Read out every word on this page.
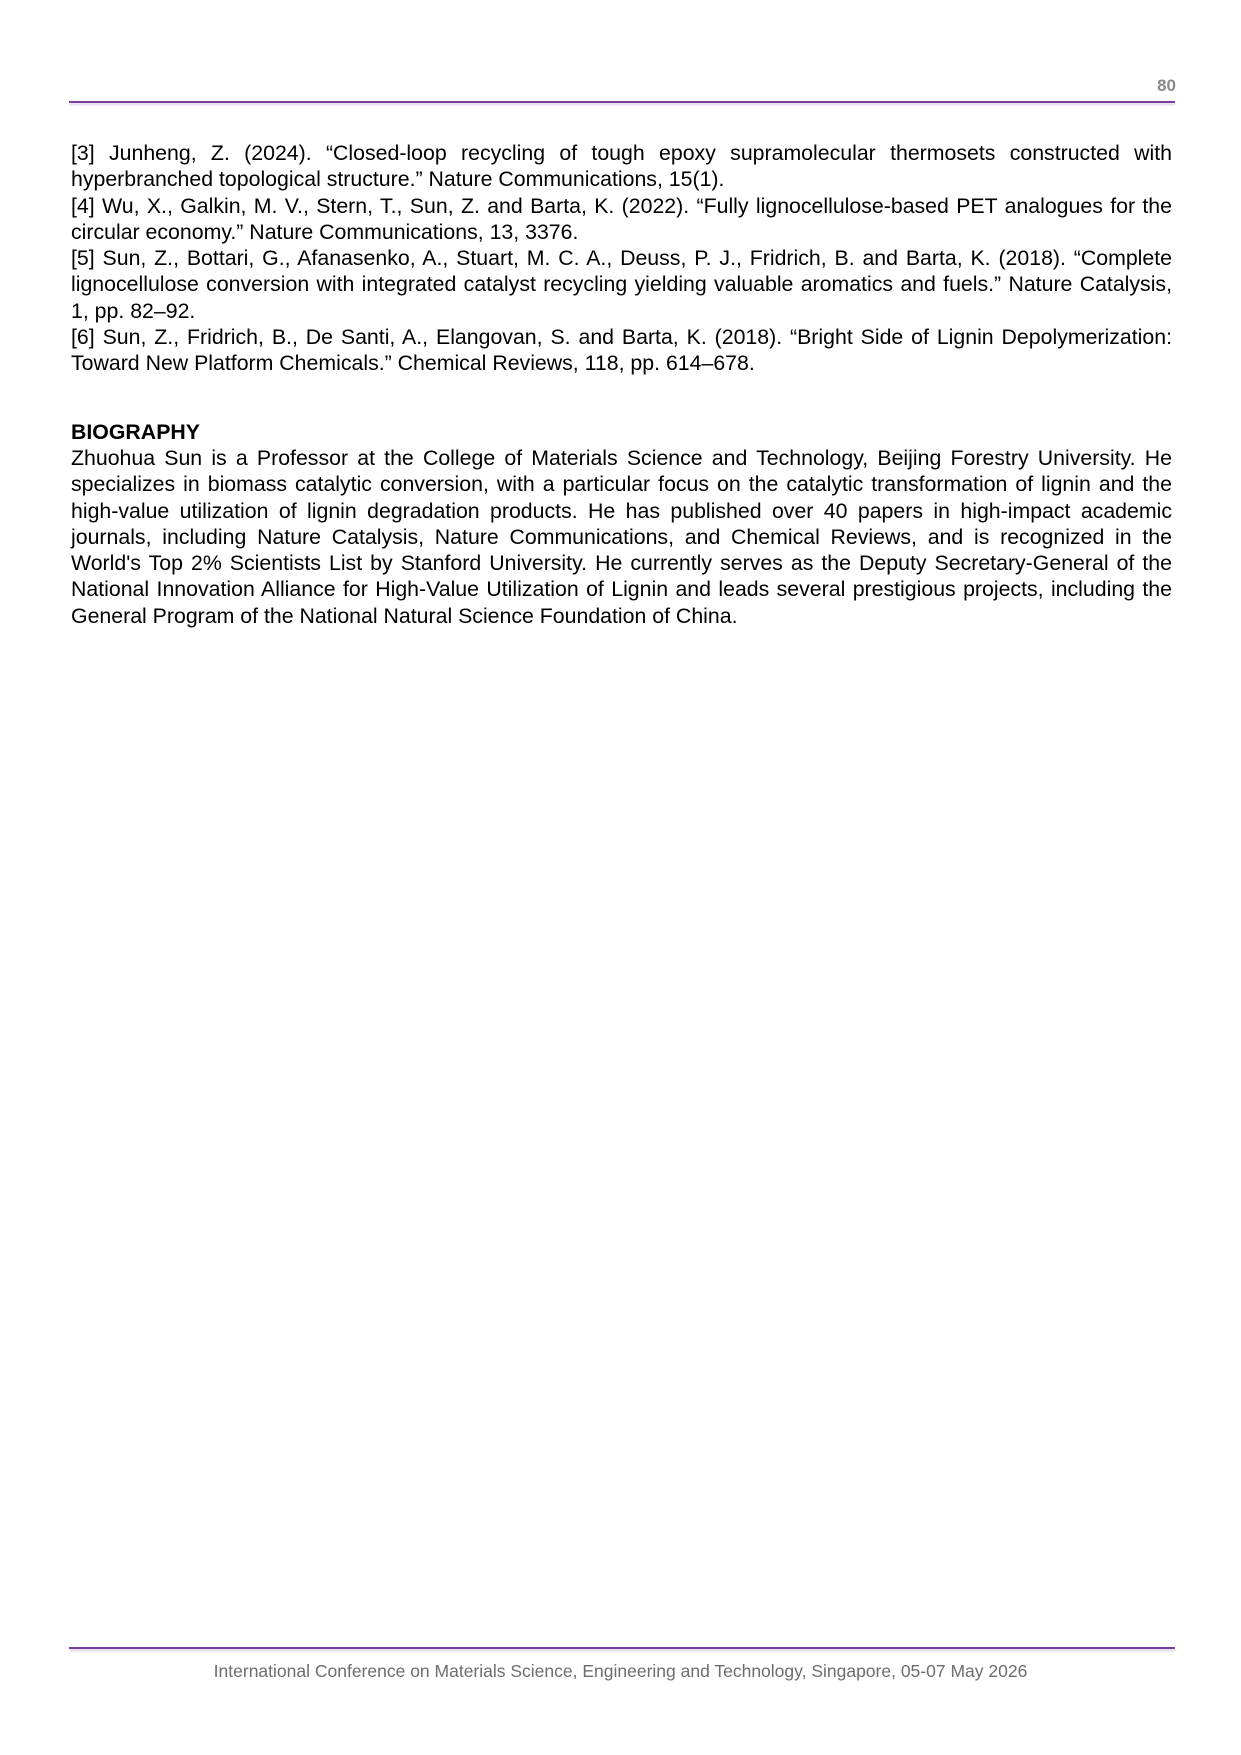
80

[3] Junheng, Z. (2024). “Closed-loop recycling of tough epoxy supramolecular thermosets constructed with hyperbranched topological structure.” Nature Communications, 15(1).

[4] Wu, X., Galkin, M. V., Stern, T., Sun, Z. and Barta, K. (2022). “Fully lignocellulose-based PET analogues for the circular economy.” Nature Communications, 13, 3376.

[5] Sun, Z., Bottari, G., Afanasenko, A., Stuart, M. C. A., Deuss, P. J., Fridrich, B. and Barta, K. (2018). “Complete lignocellulose conversion with integrated catalyst recycling yielding valuable aromatics and fuels.” Nature Catalysis, 1, pp. 82–92.

[6] Sun, Z., Fridrich, B., De Santi, A., Elangovan, S. and Barta, K. (2018). “Bright Side of Lignin Depolymerization: Toward New Platform Chemicals.” Chemical Reviews, 118, pp. 614–678.

BIOGRAPHY

Zhuohua Sun is a Professor at the College of Materials Science and Technology, Beijing Forestry University. He specializes in biomass catalytic conversion, with a particular focus on the catalytic transformation of lignin and the high-value utilization of lignin degradation products. He has published over 40 papers in high-impact academic journals, including Nature Catalysis, Nature Communications, and Chemical Reviews, and is recognized in the World's Top 2% Scientists List by Stanford University. He currently serves as the Deputy Secretary-General of the National Innovation Alliance for High-Value Utilization of Lignin and leads several prestigious projects, including the General Program of the National Natural Science Foundation of China.

International Conference on Materials Science, Engineering and Technology, Singapore, 05-07 May 2026
